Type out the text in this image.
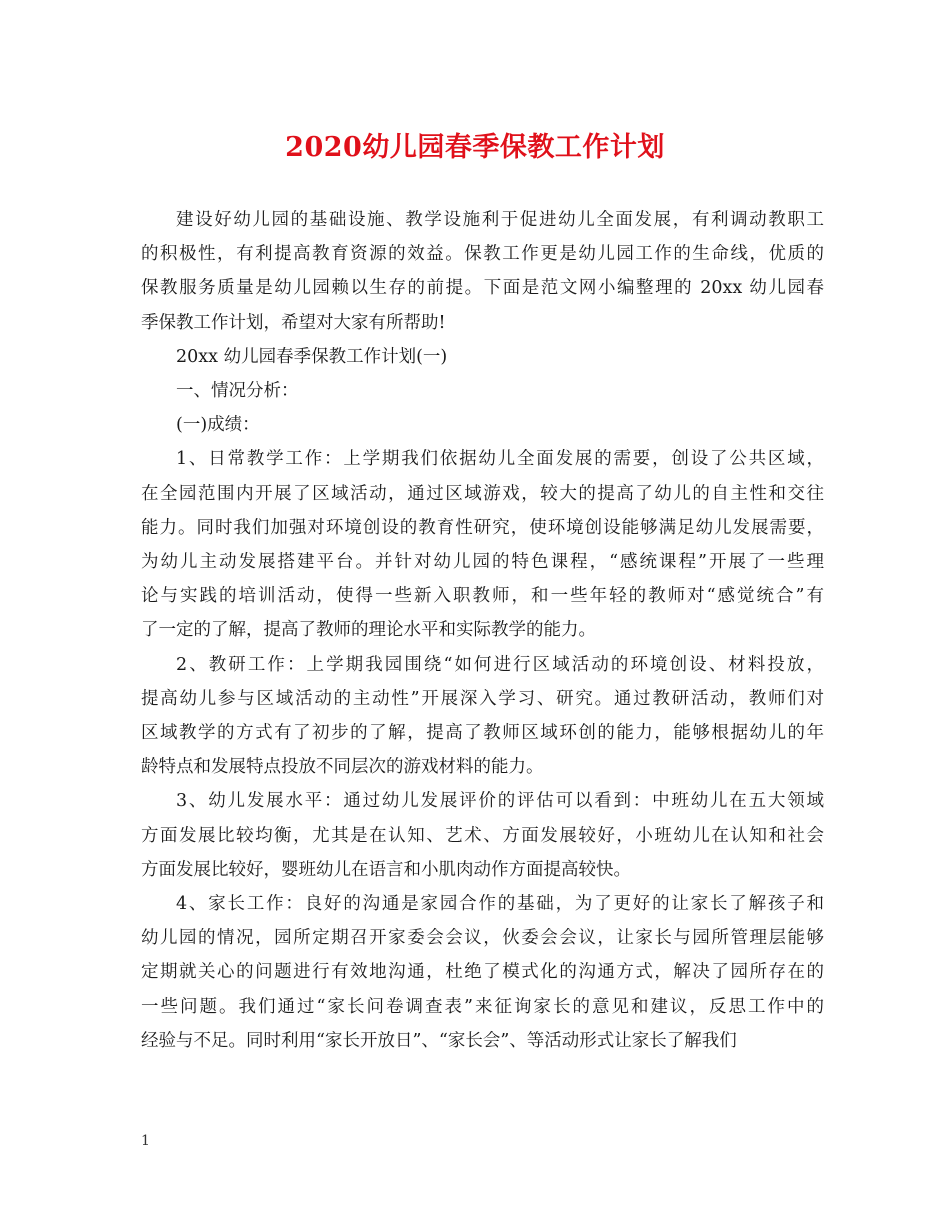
2020幼儿园春季保教工作计划
建设好幼儿园的基础设施、教学设施利于促进幼儿全面发展，有利调动教职工
的积极性，有利提高教育资源的效益。保教工作更是幼儿园工作的生命线，优质的
保教服务质量是幼儿园赖以生存的前提。下面是范文网小编整理的 20xx 幼儿园春
季保教工作计划，希望对大家有所帮助!
20xx 幼儿园春季保教工作计划(一)
一、情况分析：
(一)成绩：
1、日常教学工作：上学期我们依据幼儿全面发展的需要，创设了公共区域，
在全园范围内开展了区域活动，通过区域游戏，较大的提高了幼儿的自主性和交往
能力。同时我们加强对环境创设的教育性研究，使环境创设能够满足幼儿发展需要，
为幼儿主动发展搭建平台。并针对幼儿园的特色课程，“感统课程”开展了一些理
论与实践的培训活动，使得一些新入职教师，和一些年轻的教师对“感觉统合”有
了一定的了解，提高了教师的理论水平和实际教学的能力。
2、教研工作：上学期我园围绕“如何进行区域活动的环境创设、材料投放，
提高幼儿参与区域活动的主动性”开展深入学习、研究。通过教研活动，教师们对
区域教学的方式有了初步的了解，提高了教师区域环创的能力，能够根据幼儿的年
龄特点和发展特点投放不同层次的游戏材料的能力。
3、幼儿发展水平：通过幼儿发展评价的评估可以看到：中班幼儿在五大领域
方面发展比较均衡，尤其是在认知、艺术、方面发展较好，小班幼儿在认知和社会
方面发展比较好，婴班幼儿在语言和小肌肉动作方面提高较快。
4、家长工作：良好的沟通是家园合作的基础，为了更好的让家长了解孩子和
幼儿园的情况，园所定期召开家委会会议，伙委会会议，让家长与园所管理层能够
定期就关心的问题进行有效地沟通，杜绝了模式化的沟通方式，解决了园所存在的
一些问题。我们通过“家长问卷调查表”来征询家长的意见和建议，反思工作中的
经验与不足。同时利用“家长开放日”、“家长会”、等活动形式让家长了解我们
1
